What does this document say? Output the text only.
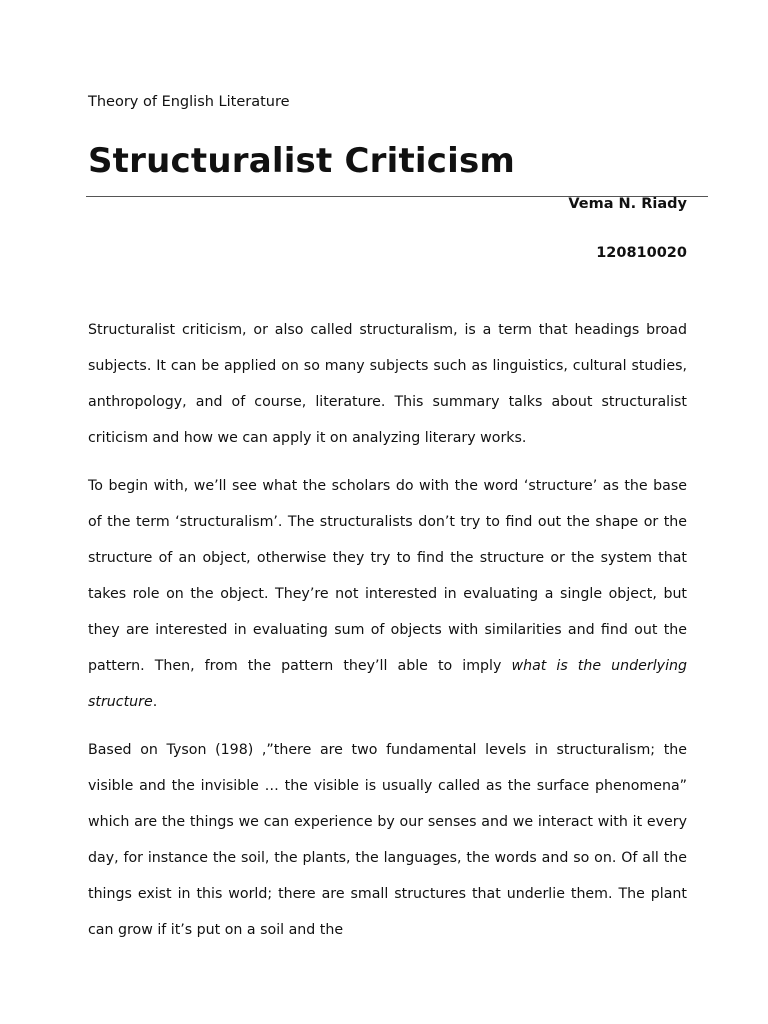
Theory of English Literature
Structuralist Criticism
Vema N. Riady
120810020

Structuralist criticism, or also called structuralism, is a term that headings broad subjects. It can be applied on so many subjects such as linguistics, cultural studies, anthropology, and of course, literature. This summary talks about structuralist criticism and how we can apply it on analyzing literary works.

To begin with, we’ll see what the scholars do with the word ‘structure’ as the base of the term ‘structuralism’. The structuralists don’t try to find out the shape or the structure of an object, otherwise they try to find the structure or the system that takes role on the object. They’re not interested in evaluating a single object, but they are interested in evaluating sum of objects with similarities and find out the pattern. Then, from the pattern they’ll able to imply what is the underlying structure.

Based on Tyson (198) ,”there are two fundamental levels in structuralism; the visible and the invisible … the visible is usually called as the surface phenomena” which are the things we can experience by our senses and we interact with it every day, for instance the soil, the plants, the languages, the words and so on. Of all the things exist in this world; there are small structures that underlie them. The plant can grow if it’s put on a soil and the
